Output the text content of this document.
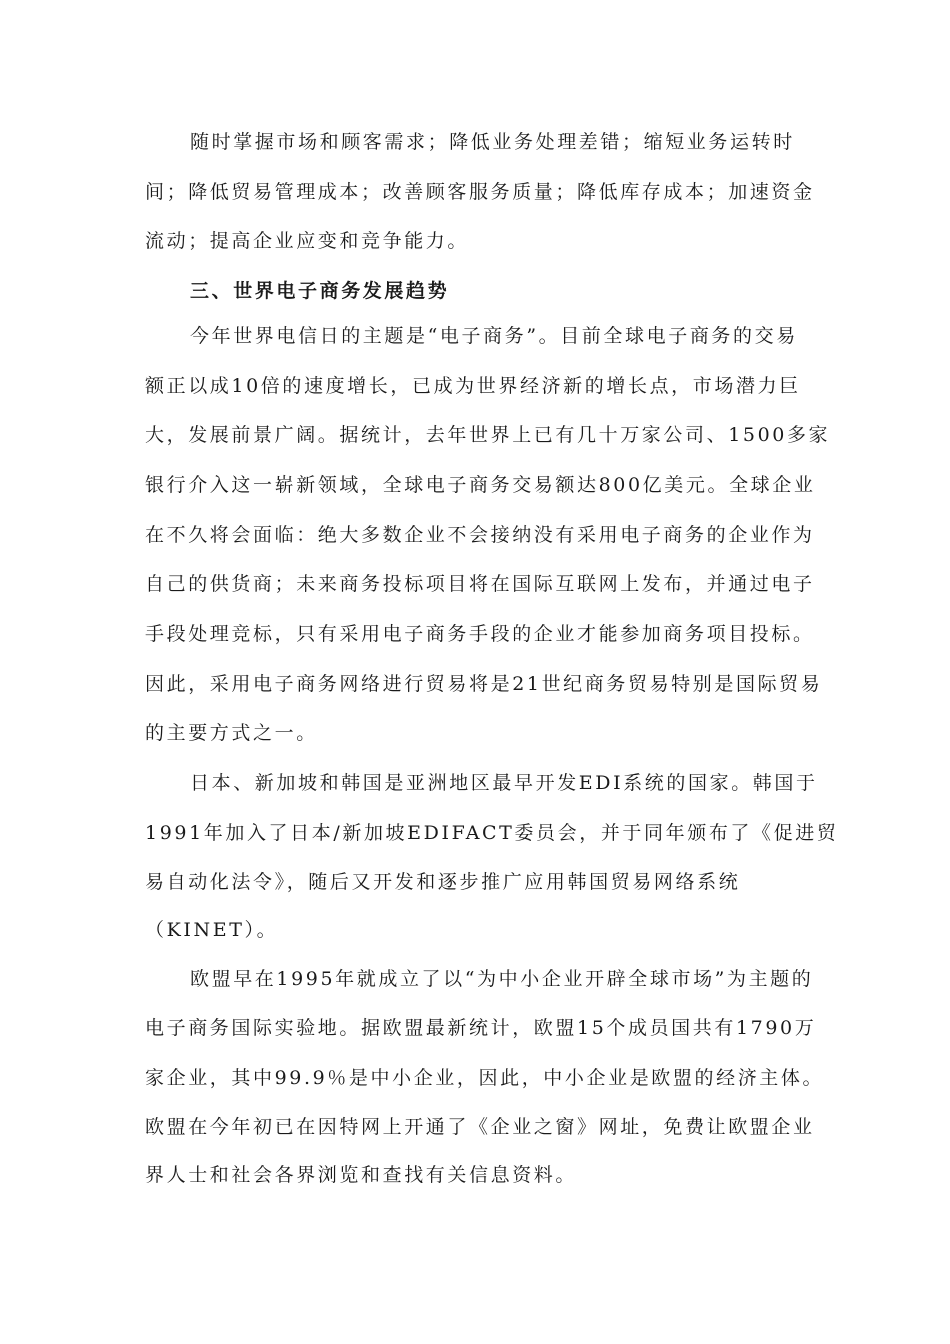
随时掌握市场和顾客需求；降低业务处理差错；缩短业务运转时
间；降低贸易管理成本；改善顾客服务质量；降低库存成本；加速资金
流动；提高企业应变和竞争能力。
三、世界电子商务发展趋势
今年世界电信日的主题是“电子商务”。目前全球电子商务的交易
额正以成10倍的速度增长，已成为世界经济新的增长点，市场潜力巨
大，发展前景广阔。据统计，去年世界上已有几十万家公司、1500多家
银行介入这一崭新领域，全球电子商务交易额达800亿美元。全球企业
在不久将会面临：绝大多数企业不会接纳没有采用电子商务的企业作为
自己的供货商；未来商务投标项目将在国际互联网上发布，并通过电子
手段处理竞标，只有采用电子商务手段的企业才能参加商务项目投标。
因此，采用电子商务网络进行贸易将是21世纪商务贸易特别是国际贸易
的主要方式之一。
日本、新加坡和韩国是亚洲地区最早开发EDI系统的国家。韩国于
1991年加入了日本/新加坡EDIFACT委员会，并于同年颁布了《促进贸
易自动化法令》，随后又开发和逐步推广应用韩国贸易网络系统
（KINET）。
欧盟早在1995年就成立了以“为中小企业开辟全球市场”为主题的
电子商务国际实验地。据欧盟最新统计，欧盟15个成员国共有1790万
家企业，其中99.9％是中小企业，因此，中小企业是欧盟的经济主体。
欧盟在今年初已在因特网上开通了《企业之窗》网址，免费让欧盟企业
界人士和社会各界浏览和查找有关信息资料。
